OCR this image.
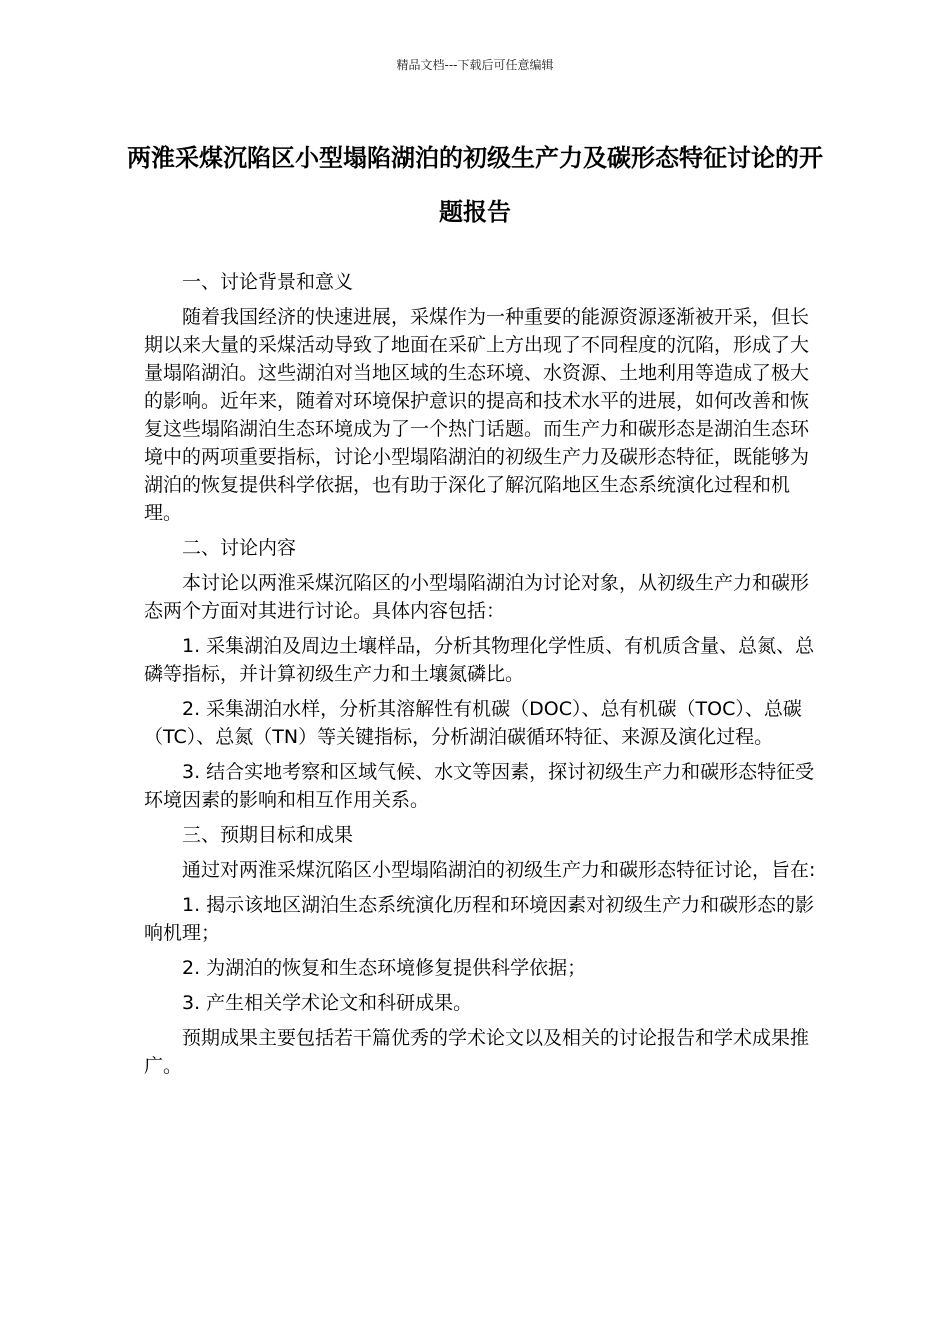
精品文档---下载后可任意编辑
两淮采煤沉陷区小型塌陷湖泊的初级生产力及碳形态特征讨论的开题报告

一、讨论背景和意义

随着我国经济的快速进展，采煤作为一种重要的能源资源逐渐被开采，但长期以来大量的采煤活动导致了地面在采矿上方出现了不同程度的沉陷，形成了大量塌陷湖泊。这些湖泊对当地区域的生态环境、水资源、土地利用等造成了极大的影响。近年来，随着对环境保护意识的提高和技术水平的进展，如何改善和恢复这些塌陷湖泊生态环境成为了一个热门话题。而生产力和碳形态是湖泊生态环境中的两项重要指标，讨论小型塌陷湖泊的初级生产力及碳形态特征，既能够为湖泊的恢复提供科学依据，也有助于深化了解沉陷地区生态系统演化过程和机理。

二、讨论内容

本讨论以两淮采煤沉陷区的小型塌陷湖泊为讨论对象，从初级生产力和碳形态两个方面对其进行讨论。具体内容包括：

1. 采集湖泊及周边土壤样品，分析其物理化学性质、有机质含量、总氮、总磷等指标，并计算初级生产力和土壤氮磷比。

2. 采集湖泊水样，分析其溶解性有机碳（DOC）、总有机碳（TOC）、总碳（TC）、总氮（TN）等关键指标，分析湖泊碳循环特征、来源及演化过程。

3. 结合实地考察和区域气候、水文等因素，探讨初级生产力和碳形态特征受环境因素的影响和相互作用关系。

三、预期目标和成果

通过对两淮采煤沉陷区小型塌陷湖泊的初级生产力和碳形态特征讨论，旨在:

1. 揭示该地区湖泊生态系统演化历程和环境因素对初级生产力和碳形态的影响机理；

2. 为湖泊的恢复和生态环境修复提供科学依据；

3. 产生相关学术论文和科研成果。

预期成果主要包括若干篇优秀的学术论文以及相关的讨论报告和学术成果推广。
